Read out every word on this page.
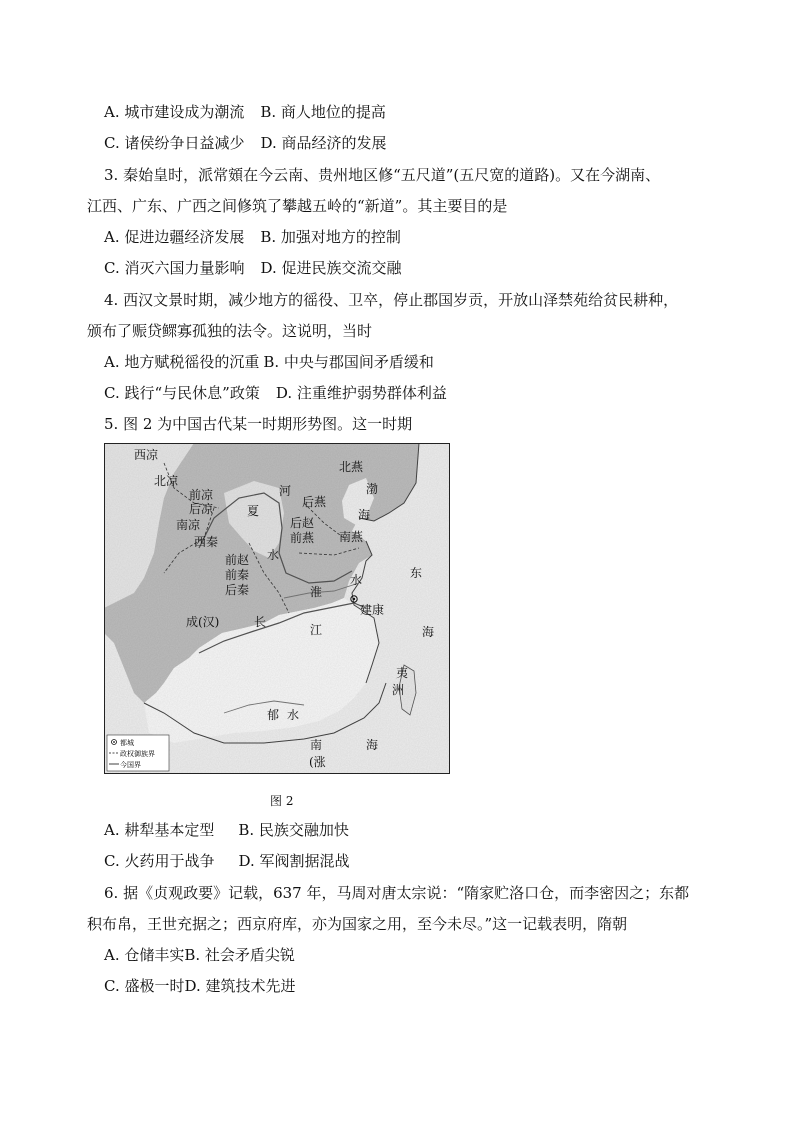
A. 城市建设成为潮流 B. 商人地位的提高
C. 诸侯纷争日益减少 D. 商品经济的发展
3. 秦始皇时，派常頞在今云南、贵州地区修“五尺道”(五尺宽的道路)。又在今湖南、
江西、广东、广西之间修筑了攀越五岭的“新道”。其主要目的是
A. 促进边疆经济发展 B. 加强对地方的控制
C. 消灭六国力量影响 D. 促进民族交流交融
4. 西汉文景时期，减少地方的徭役、卫卒，停止郡国岁贡，开放山泽禁苑给贫民耕种，
颁布了赈贷鳏寡孤独的法令。这说明，当时
A. 地方赋税徭役的沉重 B. 中央与郡国间矛盾缓和
C. 践行“与民休息”政策 D. 注重维护弱势群体利益
5. 图 2 为中国古代某一时期形势图。这一时期
西凉
北凉
前凉
后凉
南凉
西秦
夏
河
水
后燕
后赵
前燕
北燕
渤
海
南燕
前赵
前秦
后秦	淮
水	东
建康
海
成(汉)	长
江
夷
洲
郁 水
南
(涨
海
都城
政权御族界
今国界
图 2
A. 耕犁基本定型 B. 民族交融加快
C. 火药用于战争 D. 军阀割据混战
6. 据《贞观政要》记载，637 年，马周对唐太宗说：“隋家贮洛口仓，而李密因之；东都
积布帛，王世充据之；西京府库，亦为国家之用，至今未尽。”这一记载表明，隋朝
A. 仓储丰实B. 社会矛盾尖锐
C. 盛极一时D. 建筑技术先进
